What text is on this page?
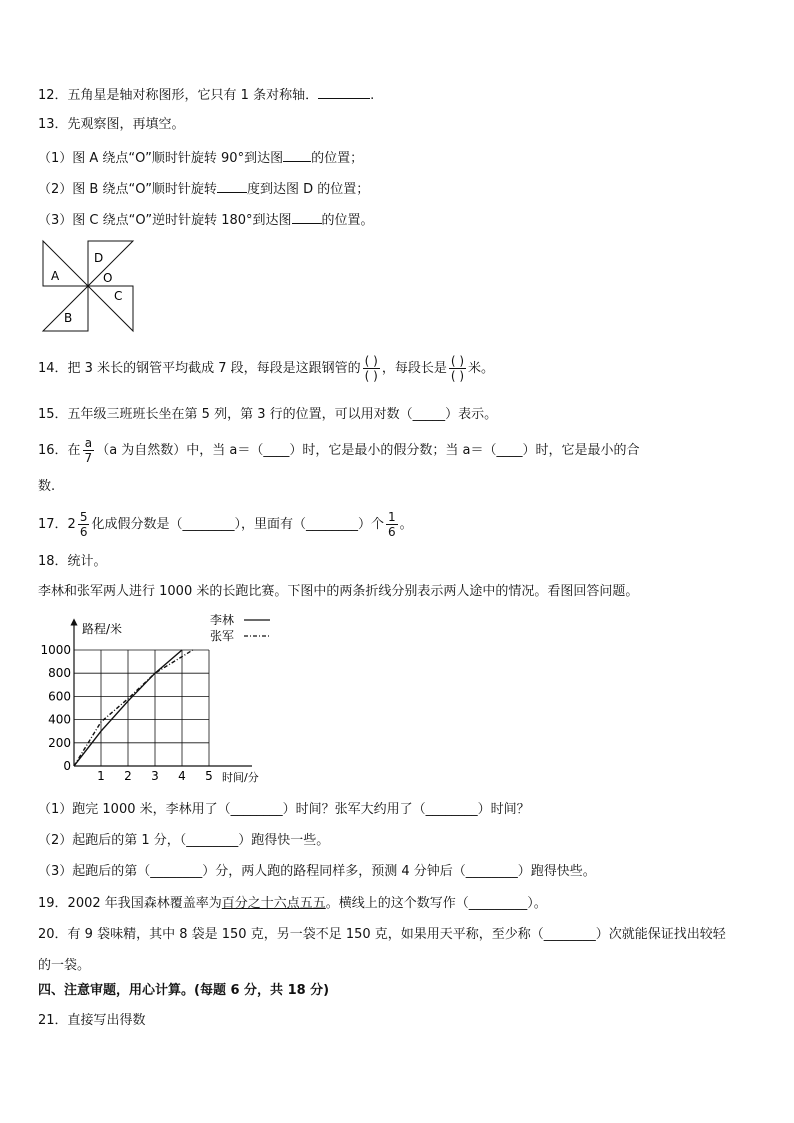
12．五角星是轴对称图形，它只有 1 条对称轴．	.
13．先观察图，再填空。
（1）图 A 绕点“O”顺时针旋转 90°到达图 的位置；
（2）图 B 绕点“O”顺时针旋转 度到达图 D 的位置；
（3）图 C 绕点“O”逆时针旋转 180°到达图 的位置。
A
D
O
C
B
14．把 3 米长的钢管平均截成 7 段，每段是这跟钢管的 $\frac{( )}{( )}$ ，每段长是 $\frac{( )}{( )}$ 米。
15．五年级三班班长坐在第 5 列，第 3 行的位置，可以用对数（_____）表示。
16．在 $\frac{a}{7} (a$ 为自然数）中，当 a＝（____）时，它是最小的假分数；当 a＝（____）时，它是最小的合
数.
17．$2 \frac{5}{6}$ 化成假分数是（________），里面有（________）个 $\frac{1}{6}$ 。
18．统计。
李林和张军两人进行 1000 米的长跑比赛。下图中的两条折线分别表示两人途中的情况。看图回答问题。
路程/米
时间/分
0
200
400
600
800
1000
1 2 3 4 5
李林
张军
（1）跑完 1000 米，李林用了（________）时间？张军大约用了（________）时间？
（2）起跑后的第 1 分，（________）跑得快一些。
（3）起跑后的第（________）分，两人跑的路程同样多，预测 4 分钟后（________）跑得快些。
19．2002 年我国森林覆盖率为百分之十六点五五。横线上的这个数写作（_________）。
20．有 9 袋味精，其中 8 袋是 150 克，另一袋不足 150 克，如果用天平称，至少称（________）次就能保证找出较轻
的一袋。
四、注意审题，用心计算。(每题 6 分，共 18 分)
21．直接写出得数
